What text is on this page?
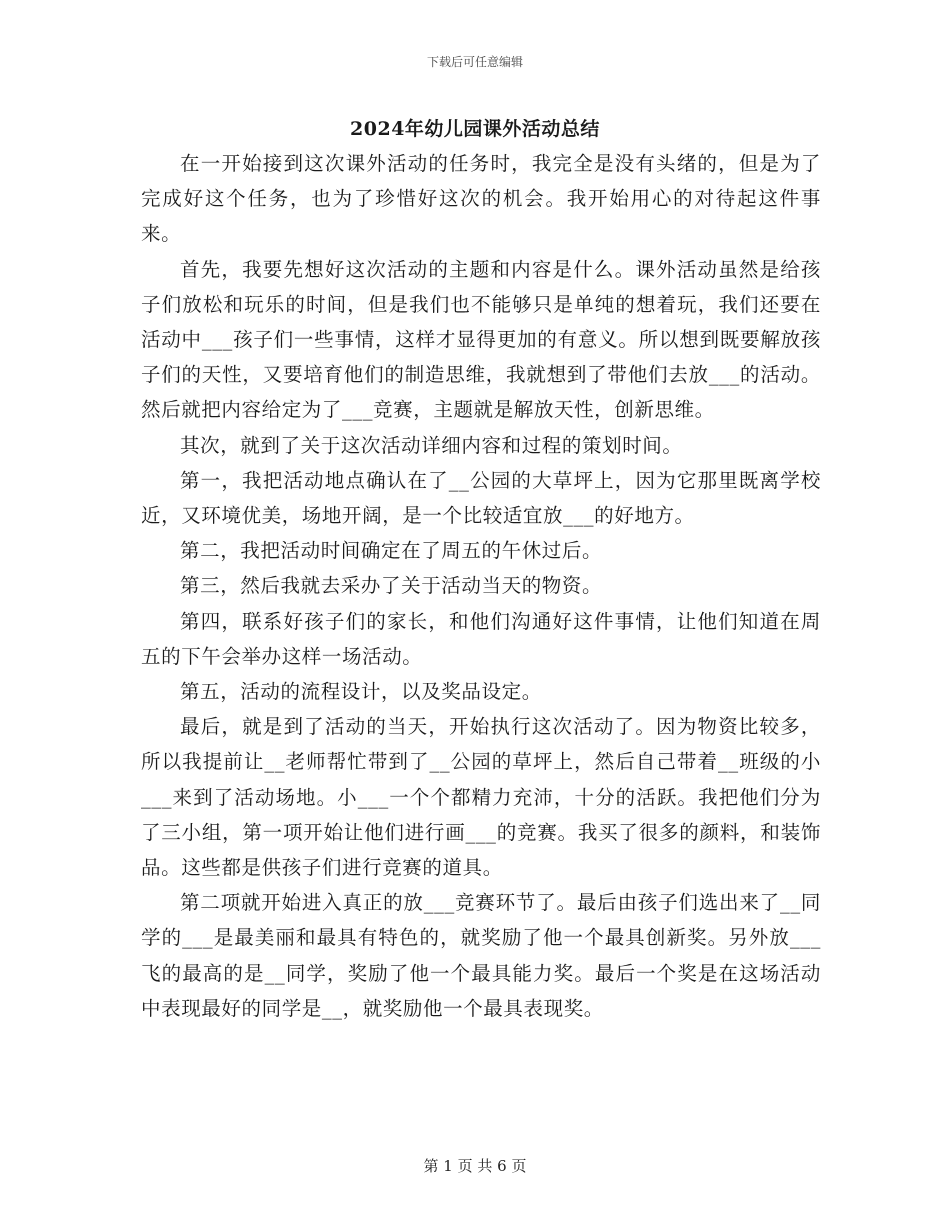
下载后可任意编辑
2024年幼儿园课外活动总结

在一开始接到这次课外活动的任务时，我完全是没有头绪的，但是为了完成好这个任务，也为了珍惜好这次的机会。我开始用心的对待起这件事来。

首先，我要先想好这次活动的主题和内容是什么。课外活动虽然是给孩子们放松和玩乐的时间，但是我们也不能够只是单纯的想着玩，我们还要在活动中___孩子们一些事情，这样才显得更加的有意义。所以想到既要解放孩子们的天性，又要培育他们的制造思维，我就想到了带他们去放___的活动。然后就把内容给定为了___竞赛，主题就是解放天性，创新思维。

其次，就到了关于这次活动详细内容和过程的策划时间。

第一，我把活动地点确认在了__公园的大草坪上，因为它那里既离学校近，又环境优美，场地开阔，是一个比较适宜放___的好地方。

第二，我把活动时间确定在了周五的午休过后。

第三，然后我就去采办了关于活动当天的物资。

第四，联系好孩子们的家长，和他们沟通好这件事情，让他们知道在周五的下午会举办这样一场活动。

第五，活动的流程设计，以及奖品设定。

最后，就是到了活动的当天，开始执行这次活动了。因为物资比较多，所以我提前让__老师帮忙带到了__公园的草坪上，然后自己带着__班级的小___来到了活动场地。小___一个个都精力充沛，十分的活跃。我把他们分为了三小组，第一项开始让他们进行画___的竞赛。我买了很多的颜料，和装饰品。这些都是供孩子们进行竞赛的道具。

第二项就开始进入真正的放___竞赛环节了。最后由孩子们选出来了__同学的___是最美丽和最具有特色的，就奖励了他一个最具创新奖。另外放___飞的最高的是__同学，奖励了他一个最具能力奖。最后一个奖是在这场活动中表现最好的同学是__，就奖励他一个最具表现奖。

第 1 页 共 6 页
